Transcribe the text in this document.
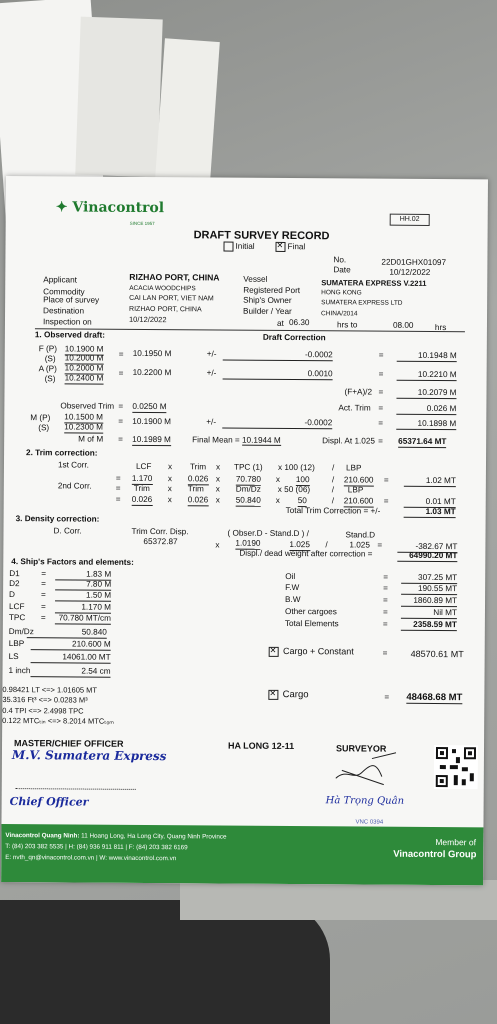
✦ Vinacontrol
SINCE 1957
HH.02
DRAFT SURVEY RECORD
Initial
✕	Final
No.	22D01GHX01097
Date	10/12/2022
Applicant	RIZHAO PORT, CHINA
Commodity	ACACIA WOODCHIPS
Place of survey	CAI LAN PORT, VIET NAM
Destination	RIZHAO PORT, CHINA
Inspection on	10/12/2022
Vessel	SUMATERA EXPRESS V.2211
Registered Port	HONG KONG
Ship's Owner	SUMATERA EXPRESS LTD
Builder / Year	CHINA/2014
at 06.30	hrs to	08.00	hrs
1. Observed draft:	Draft Correction
F (P)
(S)
10.1900 M
10.2000 M = 10.1950 M	+/-	-0.0002	=	10.1948 M
A (P)
(S)
10.2000 M
10.2400 M
= 10.2200 M	+/-	0.0010	=	10.2210 M
(F+A)/2 =	10.2079 M
Observed Trim = 0.0250 M	Act. Trim =	0.026 M
M (P)
(S)
10.1500 M
10.2300 M
= 10.1900 M	+/-	-0.0002	=	10.1898 M
M of M = 10.1989 M	Final Mean = 10.1944 M	Displ. At 1.025 = 65371.64 MT
2. Trim correction:
1st Corr.	LCF x Trim x TPC (1) x 100 (12) / LBP
= 1.170 x 0.026 x 70.780 x 100	/ 210.600 =	1.02 MT
2nd Corr.	= Trim x Trim x Dm/Dz x 50 (06)	/ LBP
= 0.026 x 0.026 x 50.840 x 50	/ 210.600 =	0.01 MT
Total Trim Correction = +/-	1.03 MT
3. Density correction:
D. Corr.	Trim Corr. Disp.
65372.87	x
( Obser.D - Stand.D ) /	Stand.D
1.0190	1.025 /	1.025 =	-382.67 MT
Displ./ dead weight after correction =	64990.20 MT
4. Ship's Factors and elements:
✕ Cargo + Constant	=	48570.61 MT
0.98421 LT <=> 1.01605 MT
35.316 Ft³ <=> 0.0283 M³
0.4 TPI <=> 2.4998 TPC
0.122 MTCₜᵢₙ <=> 8.2014 MTCₜₒₘ
✕ Cargo	= 48468.68 MT
MASTER/CHIEF OFFICER
M.V. Sumatera Express
Chief Officer
HA LONG 12-11	SURVEYOR
Hà Trọng Quân
VNC 0394
Vinacontrol Quang Ninh: 11 Hoang Long, Ha Long City, Quang Ninh Province
T: (84) 203 382 5535 | H: (84) 936 911 811 | F: (84) 203 382 6169
E: nvth_qn@vinacontrol.com.vn | W: www.vinacontrol.com.vn
Member of
Vinacontrol Group
D1	=	1.83 M
D2	=	7.80 M
D	=	1.50 M
LCF =	1.170 M
TPC =	70.780 MT/cm
Dm/Dz	50.840
LBP	210.600 M
LS	14061.00 MT
1 inch	2.54 cm
Oil	=	307.25 MT
F.W	=	190.55 MT
B.W	=	1860.89 MT
Other cargoes	=	Nil MT
Total Elements	=	2358.59 MT
